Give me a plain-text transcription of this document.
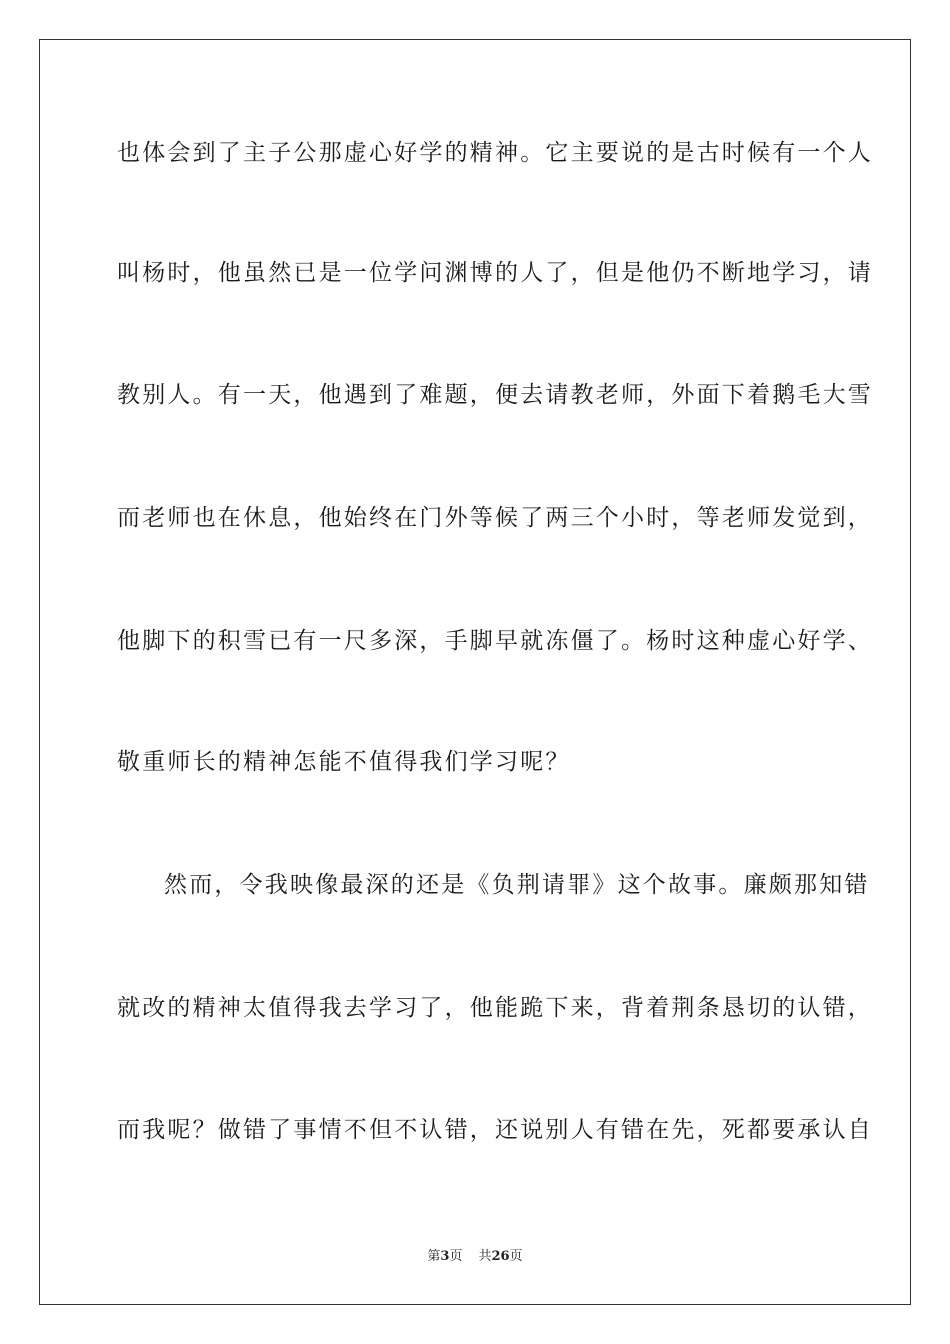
也体会到了主子公那虚心好学的精神。它主要说的是古时候有一个人
叫杨时，他虽然已是一位学问渊博的人了，但是他仍不断地学习，请
教别人。有一天，他遇到了难题，便去请教老师，外面下着鹅毛大雪
而老师也在休息，他始终在门外等候了两三个小时，等老师发觉到，
他脚下的积雪已有一尺多深，手脚早就冻僵了。杨时这种虚心好学、
敬重师长的精神怎能不值得我们学习呢？
然而，令我映像最深的还是《负荆请罪》这个故事。廉颇那知错
就改的精神太值得我去学习了，他能跪下来，背着荆条恳切的认错，
而我呢？做错了事情不但不认错，还说别人有错在先，死都要承认自
第3页 共26页
